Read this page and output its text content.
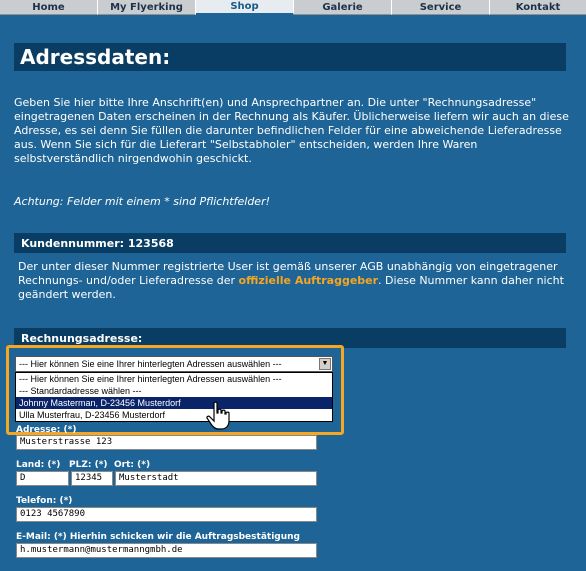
Home	My Flyerking	Shop	Galerie	Service	Kontakt
Adressdaten:
Geben Sie hier bitte Ihre Anschrift(en) und Ansprechpartner an. Die unter "Rechnungsadresse" eingetragenen Daten erscheinen in der Rechnung als Käufer. Üblicherweise liefern wir auch an diese Adresse, es sei denn Sie füllen die darunter befindlichen Felder für eine abweichende Lieferadresse aus. Wenn Sie sich für die Lieferart "Selbstabholer" entscheiden, werden Ihre Waren selbstverständlich nirgendwohin geschickt.
Achtung: Felder mit einem * sind Pflichtfelder!
Kundennummer: 123568
Der unter dieser Nummer registrierte User ist gemäß unserer AGB unabhängig von eingetragener Rechnungs- und/oder Lieferadresse der offizielle Auftraggeber. Diese Nummer kann daher nicht geändert werden.
Rechnungsadresse:
--- Hier können Sie eine Ihrer hinterlegten Adressen auswählen ---	▼
--- Hier können Sie eine Ihrer hinterlegten Adressen auswählen ---
--- Standardadresse wählen ---
Johnny Masterman, D-23456 Musterdorf
Ulla Musterfrau, D-23456 Musterdorf
Adresse: (*)
Musterstrasse 123
Land: (*) PLZ: (*) Ort: (*)
D	12345	Musterstadt
Telefon: (*)
0123 4567890
E-Mail: (*) Hierhin schicken wir die Auftragsbestätigung
h.mustermann@mustermanngmbh.de
